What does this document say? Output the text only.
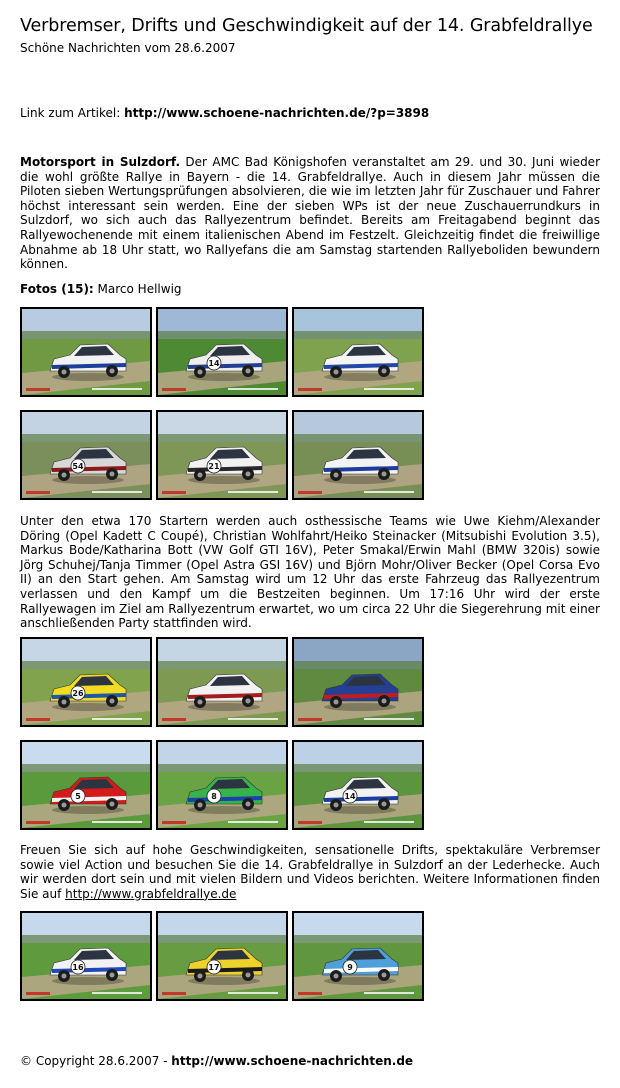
Verbremser, Drifts und Geschwindigkeit auf der 14. Grabfeldrallye
Schöne Nachrichten vom 28.6.2007
Link zum Artikel: http://www.schoene-nachrichten.de/?p=3898

Motorsport in Sulzdorf. Der AMC Bad Königshofen veranstaltet am 29. und 30. Juni wieder die wohl größte Rallye in Bayern - die 14. Grabfeldrallye. Auch in diesem Jahr müssen die Piloten sieben Wertungsprüfungen absolvieren, die wie im letzten Jahr für Zuschauer und Fahrer höchst interessant sein werden. Eine der sieben WPs ist der neue Zuschauerrundkurs in Sulzdorf, wo sich auch das Rallyezentrum befindet. Bereits am Freitagabend beginnt das Rallyewochenende mit einem italienischen Abend im Festzelt. Gleichzeitig findet die freiwillige Abnahme ab 18 Uhr statt, wo Rallyefans die am Samstag startenden Rallyeboliden bewundern können.

Fotos (15): Marco Hellwig
14
54	21

Unter den etwa 170 Startern werden auch osthessische Teams wie Uwe Kiehm/Alexander Döring (Opel Kadett C Coupé), Christian Wohlfahrt/Heiko Steinacker (Mitsubishi Evolution 3.5), Markus Bode/Katharina Bott (VW Golf GTI 16V), Peter Smakal/Erwin Mahl (BMW 320is) sowie Jörg Schuhej/Tanja Timmer (Opel Astra GSI 16V) und Björn Mohr/Oliver Becker (Opel Corsa Evo II) an den Start gehen. Am Samstag wird um 12 Uhr das erste Fahrzeug das Rallyezentrum verlassen und den Kampf um die Bestzeiten beginnen. Um 17:16 Uhr wird der erste Rallyewagen im Ziel am Rallyezentrum erwartet, wo um circa 22 Uhr die Siegerehrung mit einer anschließenden Party stattfinden wird.

26
5	8	14

Freuen Sie sich auf hohe Geschwindigkeiten, sensationelle Drifts, spektakuläre Verbremser sowie viel Action und besuchen Sie die 14. Grabfeldrallye in Sulzdorf an der Lederhecke. Auch wir werden dort sein und mit vielen Bildern und Videos berichten. Weitere Informationen finden Sie auf http://www.grabfeldrallye.de

16	17	9
© Copyright 28.6.2007 - http://www.schoene-nachrichten.de
